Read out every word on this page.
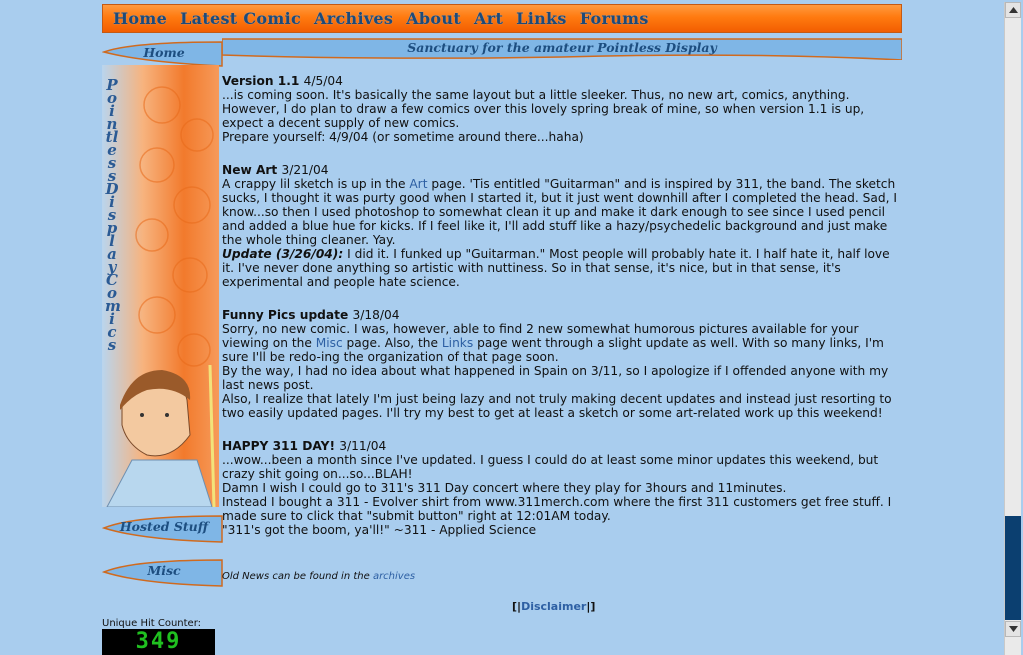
Home Latest Comic Archives About Art Links Forums
Sanctuary for the amateur Pointless Display
Home
PointlessDisplay Comics
Hosted Stuff
Misc
Version 1.1 4/5/04

...is coming soon. It's basically the same layout but a little sleeker. Thus, no new art, comics, anything. However, I do plan to draw a few comics over this lovely spring break of mine, so when version 1.1 is up, expect a decent supply of new comics.

Prepare yourself: 4/9/04 (or sometime around there...haha)

New Art 3/21/04

A crappy lil sketch is up in the Art page. 'Tis entitled "Guitarman" and is inspired by 311, the band. The sketch sucks, I thought it was purty good when I started it, but it just went downhill after I completed the head. Sad, I know...so then I used photoshop to somewhat clean it up and make it dark enough to see since I used pencil and added a blue hue for kicks. If I feel like it, I'll add stuff like a hazy/psychedelic background and just make the whole thing cleaner. Yay.

Update (3/26/04): I did it. I funked up "Guitarman." Most people will probably hate it. I half hate it, half love it. I've never done anything so artistic with nuttiness. So in that sense, it's nice, but in that sense, it's experimental and people hate science.

Funny Pics update 3/18/04

Sorry, no new comic. I was, however, able to find 2 new somewhat humorous pictures available for your viewing on the Misc page. Also, the Links page went through a slight update as well. With so many links, I'm sure I'll be redo-ing the organization of that page soon.

By the way, I had no idea about what happened in Spain on 3/11, so I apologize if I offended anyone with my last news post.

Also, I realize that lately I'm just being lazy and not truly making decent updates and instead just resorting to two easily updated pages. I'll try my best to get at least a sketch or some art-related work up this weekend!

HAPPY 311 DAY! 3/11/04

...wow...been a month since I've updated. I guess I could do at least some minor updates this weekend, but crazy shit going on...so...BLAH!

Damn I wish I could go to 311's 311 Day concert where they play for 3hours and 11minutes.

Instead I bought a 311 - Evolver shirt from www.311merch.com where the first 311 customers get free stuff. I made sure to click that "submit button" right at 12:01AM today.

"311's got the boom, ya'll!" ~311 - Applied Science

Old News can be found in the archives
[|Disclaimer|]
Unique Hit Counter:
349
